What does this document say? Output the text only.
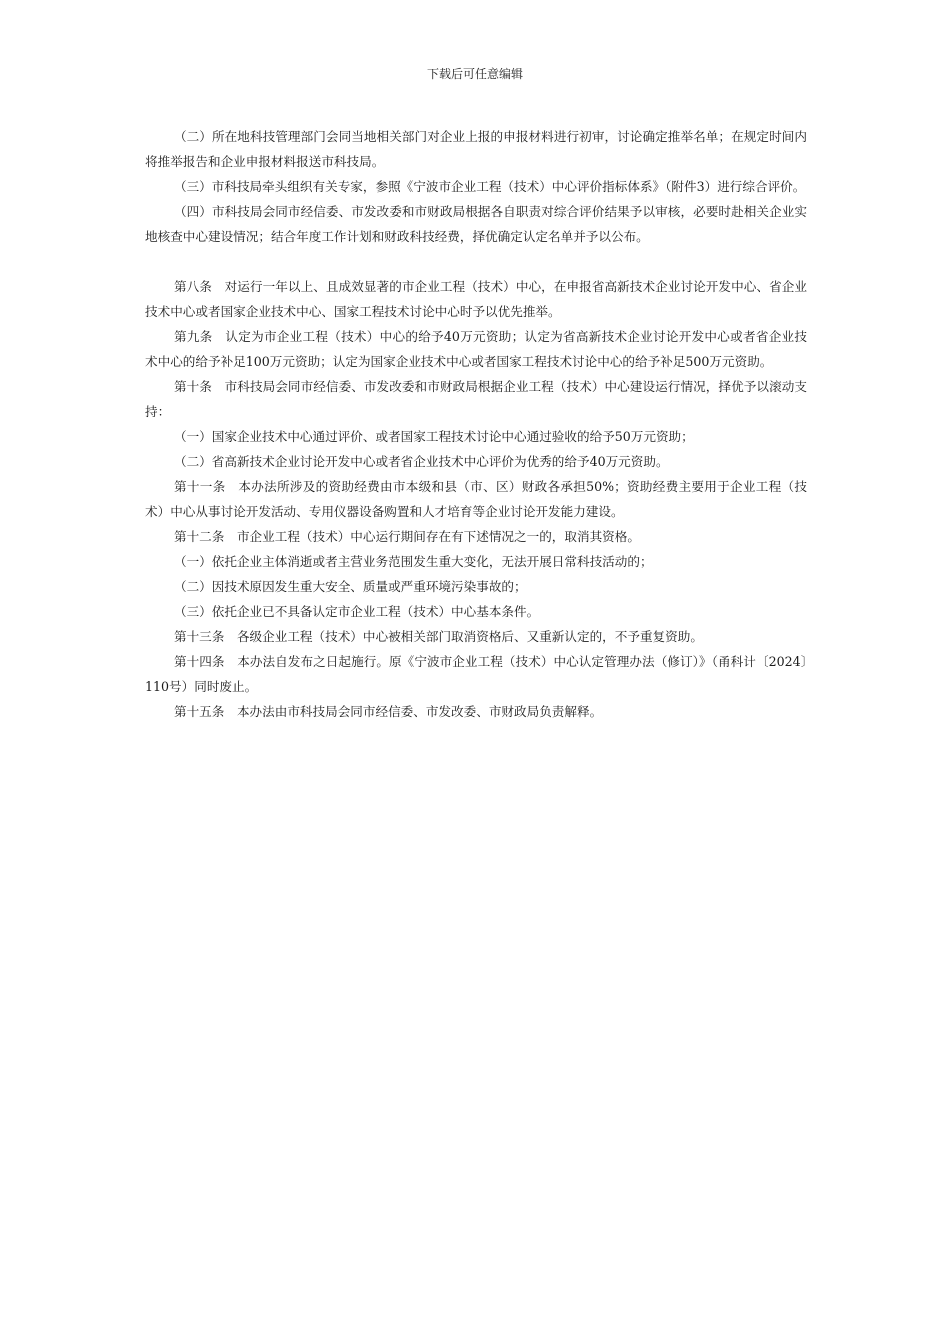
下载后可任意编辑

（二）所在地科技管理部门会同当地相关部门对企业上报的申报材料进行初审，讨论确定推举名单；在规定时间内将推举报告和企业申报材料报送市科技局。

（三）市科技局牵头组织有关专家，参照《宁波市企业工程（技术）中心评价指标体系》（附件3）进行综合评价。

（四）市科技局会同市经信委、市发改委和市财政局根据各自职责对综合评价结果予以审核，必要时赴相关企业实地核查中心建设情况；结合年度工作计划和财政科技经费，择优确定认定名单并予以公布。

第八条　对运行一年以上、且成效显著的市企业工程（技术）中心，在申报省高新技术企业讨论开发中心、省企业技术中心或者国家企业技术中心、国家工程技术讨论中心时予以优先推举。

第九条　认定为市企业工程（技术）中心的给予40万元资助；认定为省高新技术企业讨论开发中心或者省企业技术中心的给予补足100万元资助；认定为国家企业技术中心或者国家工程技术讨论中心的给予补足500万元资助。

第十条　市科技局会同市经信委、市发改委和市财政局根据企业工程（技术）中心建设运行情况，择优予以滚动支持：

（一）国家企业技术中心通过评价、或者国家工程技术讨论中心通过验收的给予50万元资助；

（二）省高新技术企业讨论开发中心或者省企业技术中心评价为优秀的给予40万元资助。

第十一条　本办法所涉及的资助经费由市本级和县（市、区）财政各承担50%；资助经费主要用于企业工程（技术）中心从事讨论开发活动、专用仪器设备购置和人才培育等企业讨论开发能力建设。

第十二条　市企业工程（技术）中心运行期间存在有下述情况之一的，取消其资格。

（一）依托企业主体消逝或者主营业务范围发生重大变化，无法开展日常科技活动的；

（二）因技术原因发生重大安全、质量或严重环境污染事故的；

（三）依托企业已不具备认定市企业工程（技术）中心基本条件。

第十三条　各级企业工程（技术）中心被相关部门取消资格后、又重新认定的，不予重复资助。

第十四条　本办法自发布之日起施行。原《宁波市企业工程（技术）中心认定管理办法（修订）》（甬科计〔2024〕110号）同时废止。

第十五条　本办法由市科技局会同市经信委、市发改委、市财政局负责解释。
